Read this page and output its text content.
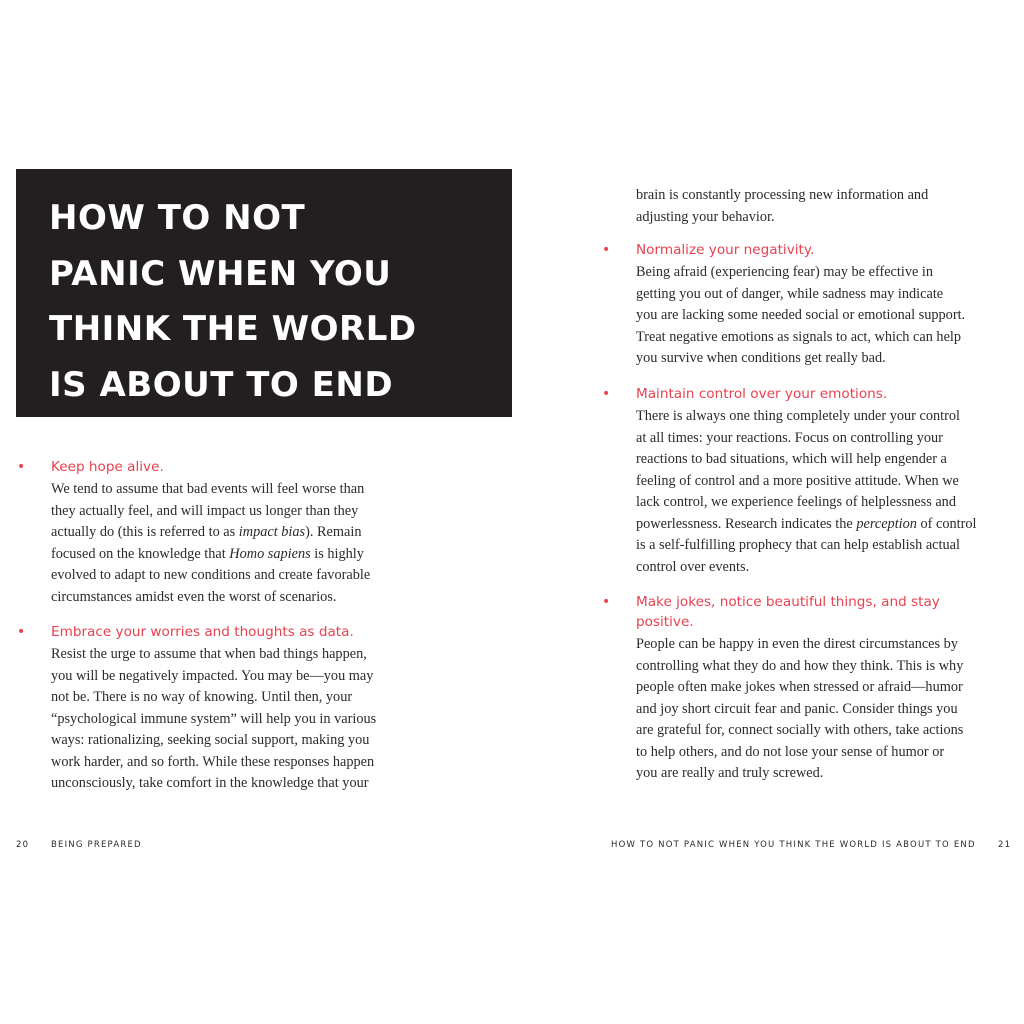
HOW TO NOT
PANIC WHEN YOU
THINK THE WORLD
IS ABOUT TO END
• Keep hope alive.
We tend to assume that bad events will feel worse than
they actually feel, and will impact us longer than they
actually do (this is referred to as impact bias). Remain
focused on the knowledge that Homo sapiens is highly
evolved to adapt to new conditions and create favorable
circumstances amidst even the worst of scenarios.
• Embrace your worries and thoughts as data.
Resist the urge to assume that when bad things happen,
you will be negatively impacted. You may be—you may
not be. There is no way of knowing. Until then, your
“psychological immune system” will help you in various
ways: rationalizing, seeking social support, making you
work harder, and so forth. While these responses happen
unconsciously, take comfort in the knowledge that your
20	BEING PREPARED
brain is constantly processing new information and
adjusting your behavior.
• Normalize your negativity.
Being afraid (experiencing fear) may be effective in
getting you out of danger, while sadness may indicate
you are lacking some needed social or emotional support.
Treat negative emotions as signals to act, which can help
you survive when conditions get really bad.
• Maintain control over your emotions.
There is always one thing completely under your control
at all times: your reactions. Focus on controlling your
reactions to bad situations, which will help engender a
feeling of control and a more positive attitude. When we
lack control, we experience feelings of helplessness and
powerlessness. Research indicates the perception of control
is a self-fulfilling prophecy that can help establish actual
control over events.
• Make jokes, notice beautiful things, and stay
positive.
People can be happy in even the direst circumstances by
controlling what they do and how they think. This is why
people often make jokes when stressed or afraid—humor
and joy short circuit fear and panic. Consider things you
are grateful for, connect socially with others, take actions
to help others, and do not lose your sense of humor or
you are really and truly screwed.
HOW TO NOT PANIC WHEN YOU THINK THE WORLD IS ABOUT TO END	21
